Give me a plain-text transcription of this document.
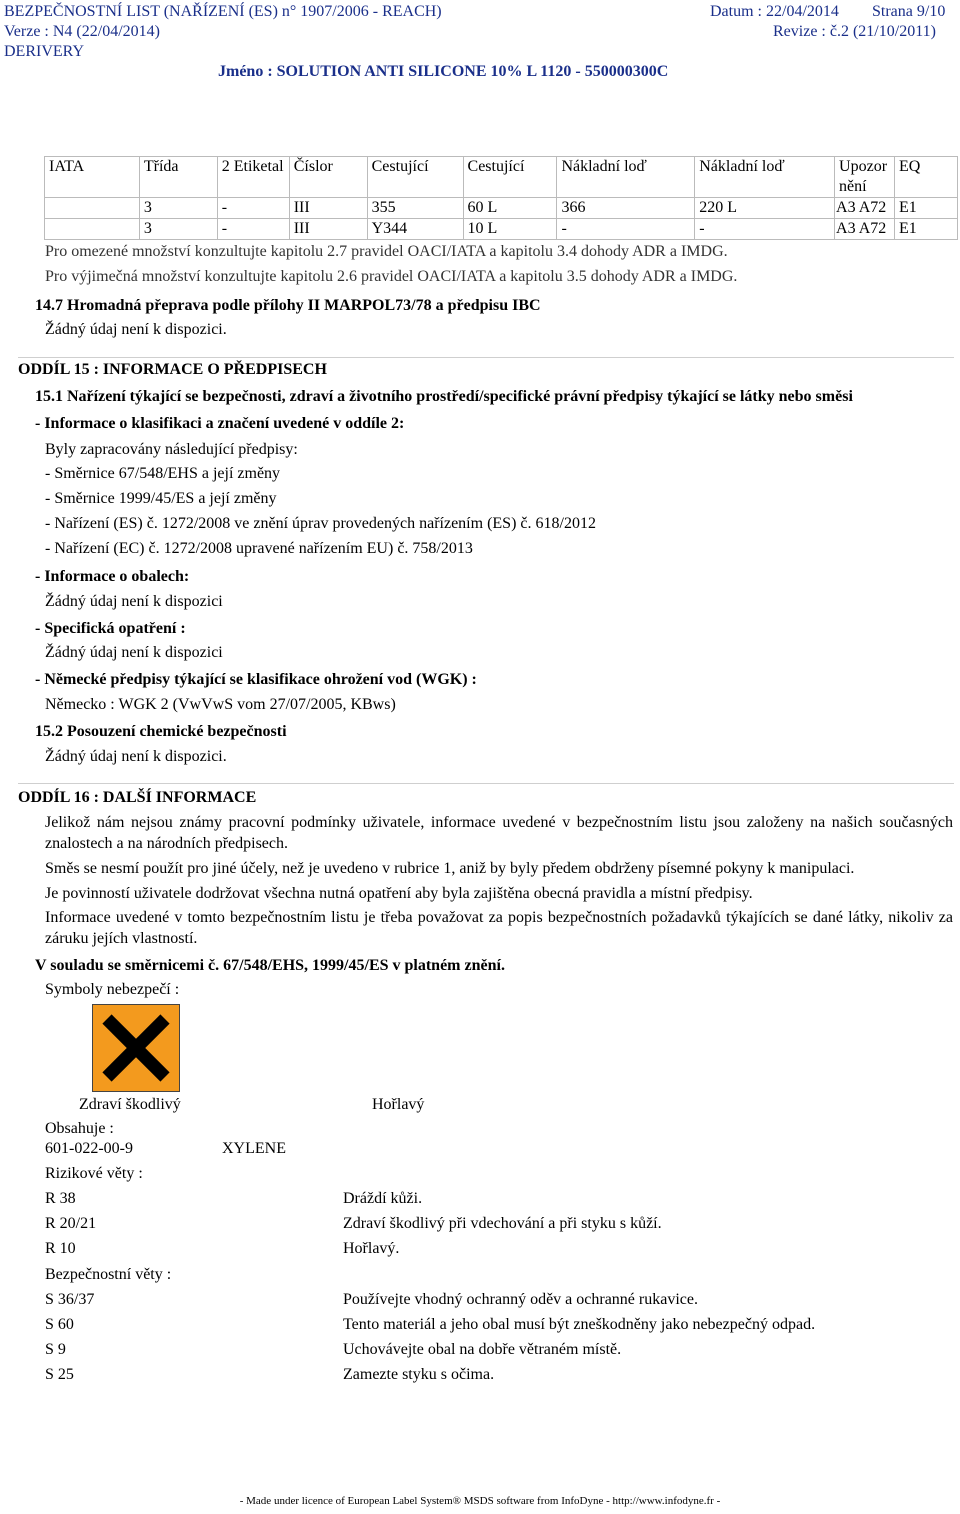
BEZPEČNOSTNÍ LIST (NAŘÍZENÍ (ES) n° 1907/2006 - REACH)	Datum : 22/04/2014 Strana 9/10
Verze : N4 (22/04/2014)	Revize : č.2 (21/10/2011)
DERIVERY
Jméno : SOLUTION ANTI SILICONE 10% L 1120 - 550000300C
IATA	Třída	2 Etiketal	Číslor	Cestující	Cestující	Nákladní loď	Nákladní loď	Upozornění	EQ
	3	-	III	355	60 L	366	220 L	A3 A72	E1
	3	-	III	Y344	10 L	-	-	A3 A72	E1
Pro omezené množství konzultujte kapitolu 2.7 pravidel OACI/IATA a kapitolu 3.4 dohody ADR a IMDG.
Pro výjimečná množství konzultujte kapitolu 2.6 pravidel OACI/IATA a kapitolu 3.5 dohody ADR a IMDG.
14.7 Hromadná přeprava podle přílohy II MARPOL73/78 a předpisu IBC
Žádný údaj není k dispozici.
ODDÍL 15 : INFORMACE O PŘEDPISECH
15.1 Nařízení týkající se bezpečnosti, zdraví a životního prostředí/specifické právní předpisy týkající se látky nebo směsi
- Informace o klasifikaci a značení uvedené v oddíle 2:
Byly zapracovány následující předpisy:
- Směrnice 67/548/EHS a její změny
- Směrnice 1999/45/ES a její změny
- Nařízení (ES) č. 1272/2008 ve znění úprav provedených nařízením (ES) č. 618/2012
- Nařízení (EC) č. 1272/2008 upravené nařízením EU) č. 758/2013
- Informace o obalech:
Žádný údaj není k dispozici
- Specifická opatření :
Žádný údaj není k dispozici
- Německé předpisy týkající se klasifikace ohrožení vod (WGK) :
Německo : WGK 2 (VwVwS vom 27/07/2005, KBws)
15.2 Posouzení chemické bezpečnosti
Žádný údaj není k dispozici.
ODDÍL 16 : DALŠÍ INFORMACE
Jelikož nám nejsou známy pracovní podmínky uživatele, informace uvedené v bezpečnostním listu jsou založeny na našich současných znalostech a na národních předpisech.
Směs se nesmí použít pro jiné účely, než je uvedeno v rubrice 1, aniž by byly předem obdrženy písemné pokyny k manipulaci.
Je povinností uživatele dodržovat všechna nutná opatření aby byla zajištěna obecná pravidla a místní předpisy.
Informace uvedené v tomto bezpečnostním listu je třeba považovat za popis bezpečnostních požadavků týkajících se dané látky, nikoliv za záruku jejích vlastností.
V souladu se směrnicemi č. 67/548/EHS, 1999/45/ES v platném znění.
Symboly nebezpečí :
Zdraví škodlivý	Hořlavý
Obsahuje :
601-022-00-9	XYLENE
Rizikové věty :
R 38	Dráždí kůži.
R 20/21	Zdraví škodlivý při vdechování a při styku s kůží.
R 10	Hořlavý.
Bezpečnostní věty :
S 36/37	Používejte vhodný ochranný oděv a ochranné rukavice.
S 60	Tento materiál a jeho obal musí být zneškodněny jako nebezpečný odpad.
S 9	Uchovávejte obal na dobře větraném místě.
S 25	Zamezte styku s očima.
- Made under licence of European Label System® MSDS software from InfoDyne - http://www.infodyne.fr -
